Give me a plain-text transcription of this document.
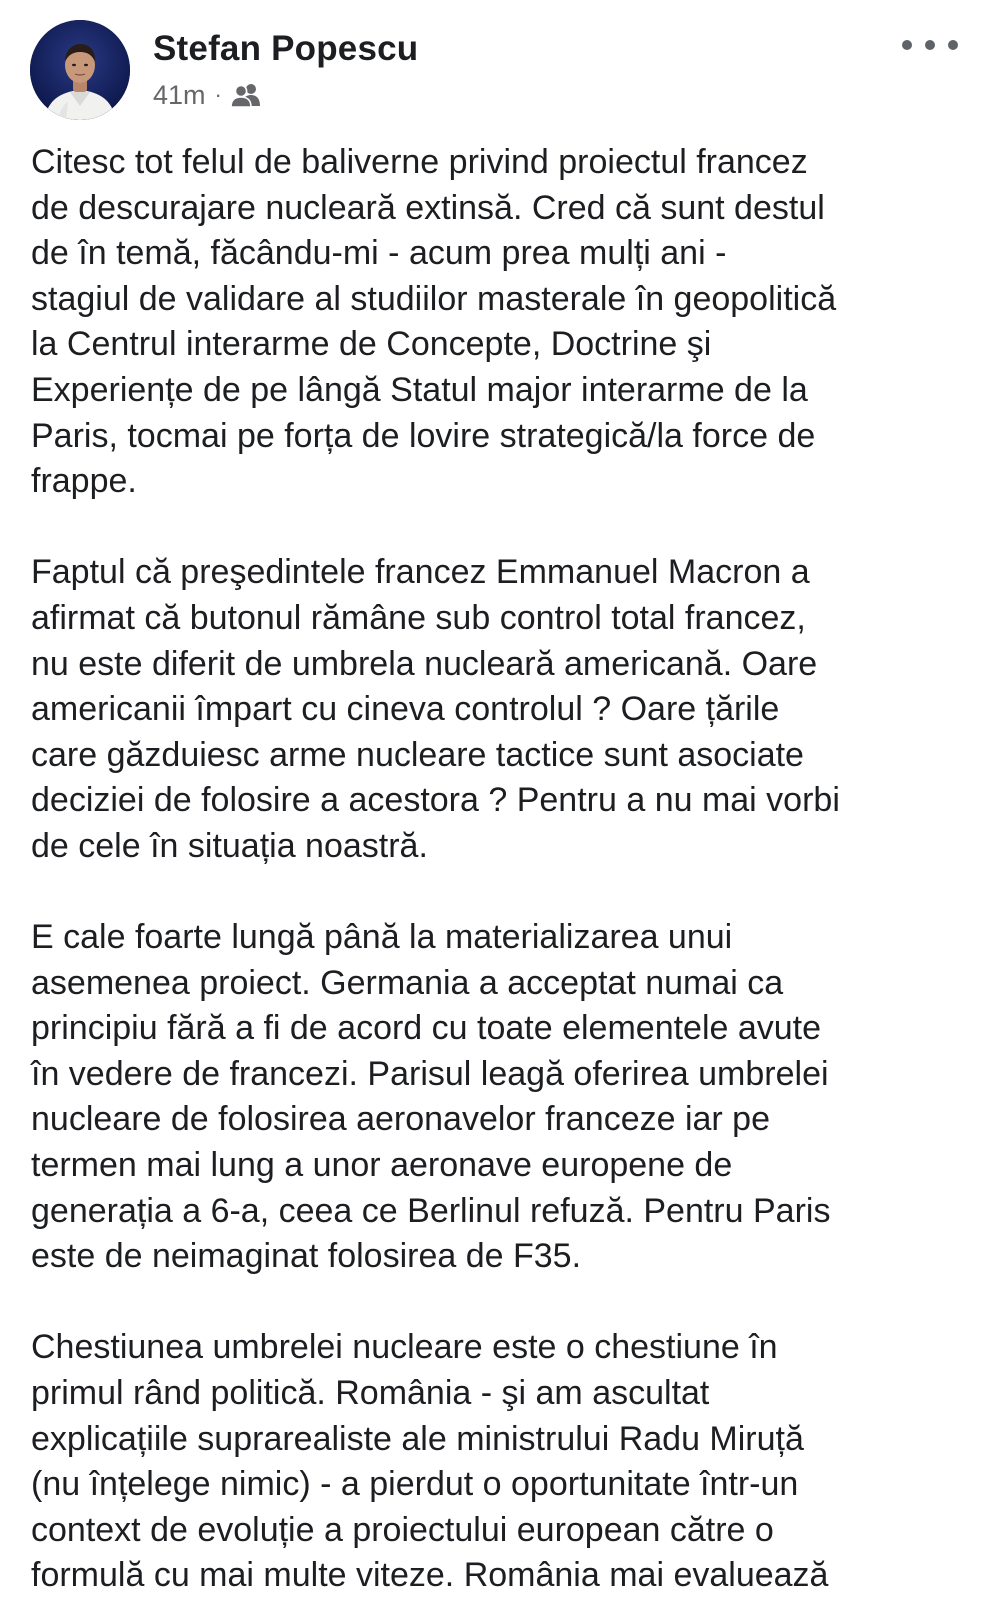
Stefan Popescu
41m ·
Citesc tot felul de baliverne privind proiectul francez
de descurajare nucleară extinsă. Cred că sunt destul
de în temă, făcându-mi - acum prea mulți ani -
stagiul de validare al studiilor masterale în geopolitică
la Centrul interarme de Concepte, Doctrine şi
Experiențe de pe lângă Statul major interarme de la
Paris, tocmai pe forța de lovire strategică/la force de
frappe.
Faptul că preşedintele francez Emmanuel Macron a
afirmat că butonul rămâne sub control total francez,
nu este diferit de umbrela nucleară americană. Oare
americanii împart cu cineva controlul ? Oare țările
care găzduiesc arme nucleare tactice sunt asociate
deciziei de folosire a acestora ? Pentru a nu mai vorbi
de cele în situația noastră.
E cale foarte lungă până la materializarea unui
asemenea proiect. Germania a acceptat numai ca
principiu fără a fi de acord cu toate elementele avute
în vedere de francezi. Parisul leagă oferirea umbrelei
nucleare de folosirea aeronavelor franceze iar pe
termen mai lung a unor aeronave europene de
generația a 6-a, ceea ce Berlinul refuză. Pentru Paris
este de neimaginat folosirea de F35.
Chestiunea umbrelei nucleare este o chestiune în
primul rând politică. România - şi am ascultat
explicațiile suprarealiste ale ministrului Radu Miruță
(nu înțelege nimic) - a pierdut o oportunitate într-un
context de evoluție a proiectului european către o
formulă cu mai multe viteze. România mai evaluează
